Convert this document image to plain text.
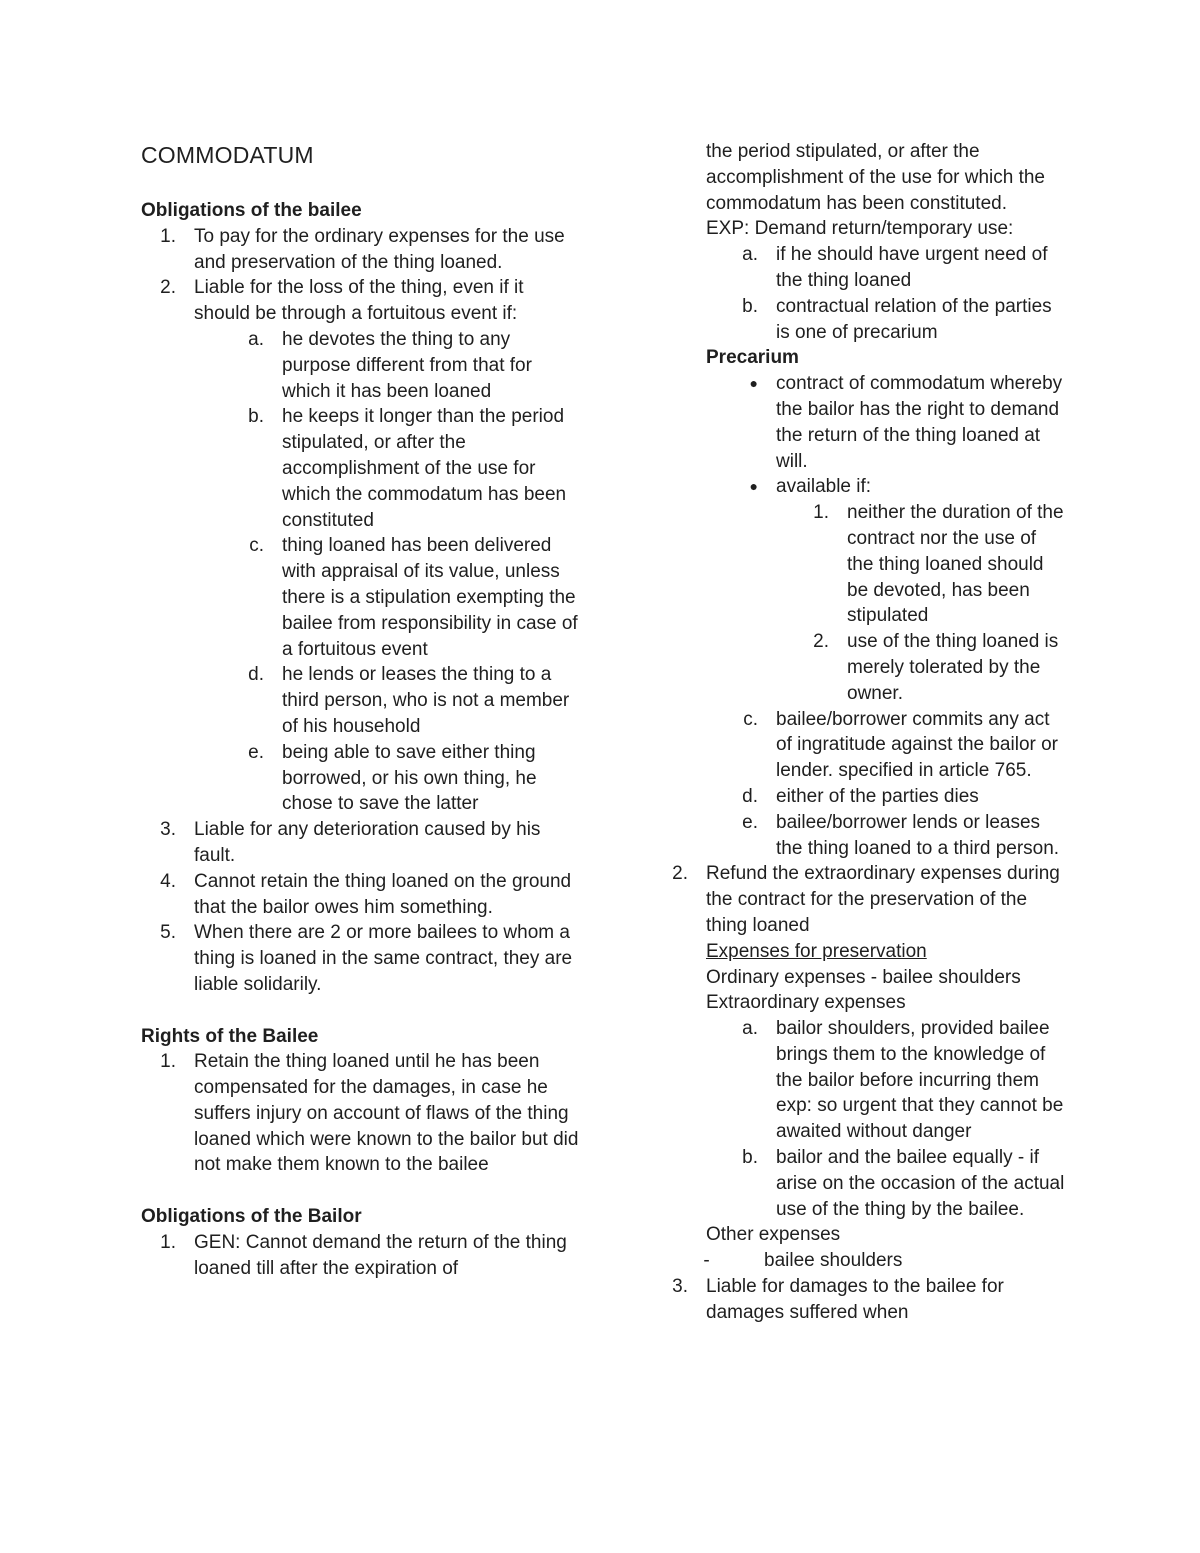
COMMODATUM

Obligations of the bailee

1. To pay for the ordinary expenses for the use and preservation of the thing loaned.
2. Liable for the loss of the thing, even if it should be through a fortuitous event if:
a. he devotes the thing to any purpose different from that for which it has been loaned
b. he keeps it longer than the period stipulated, or after the accomplishment of the use for which the commodatum has been constituted
c. thing loaned has been delivered with appraisal of its value, unless there is a stipulation exempting the bailee from responsibility in case of a fortuitous event
d. he lends or leases the thing to a third person, who is not a member of his household
e. being able to save either thing borrowed, or his own thing, he chose to save the latter
3. Liable for any deterioration caused by his fault.
4. Cannot retain the thing loaned on the ground that the bailor owes him something.
5. When there are 2 or more bailees to whom a thing is loaned in the same contract, they are liable solidarily.

Rights of the Bailee

1. Retain the thing loaned until he has been compensated for the damages, in case he suffers injury on account of flaws of the thing loaned which were known to the bailor but did not make them known to the bailee

Obligations of the Bailor

1. GEN: Cannot demand the return of the thing loaned till after the expiration of
the period stipulated, or after the accomplishment of the use for which the commodatum has been constituted.
EXP: Demand return/temporary use:
a. if he should have urgent need of the thing loaned
b. contractual relation of the parties is one of precarium

Precarium

● contract of commodatum whereby the bailor has the right to demand the return of the thing loaned at will.
● available if:
1. neither the duration of the contract nor the use of the thing loaned should be devoted, has been stipulated
2. use of the thing loaned is merely tolerated by the owner.
c. bailee/borrower commits any act of ingratitude against the bailor or lender. specified in article 765.
d. either of the parties dies
e. bailee/borrower lends or leases the thing loaned to a third person.
2. Refund the extraordinary expenses during the contract for the preservation of the thing loaned
Expenses for preservation
Ordinary expenses - bailee shoulders
Extraordinary expenses
a. bailor shoulders, provided bailee brings them to the knowledge of the bailor before incurring them exp: so urgent that they cannot be awaited without danger
b. bailor and the bailee equally - if arise on the occasion of the actual use of the thing by the bailee.
Other expenses
-	bailee shoulders
3. Liable for damages to the bailee for damages suffered when
